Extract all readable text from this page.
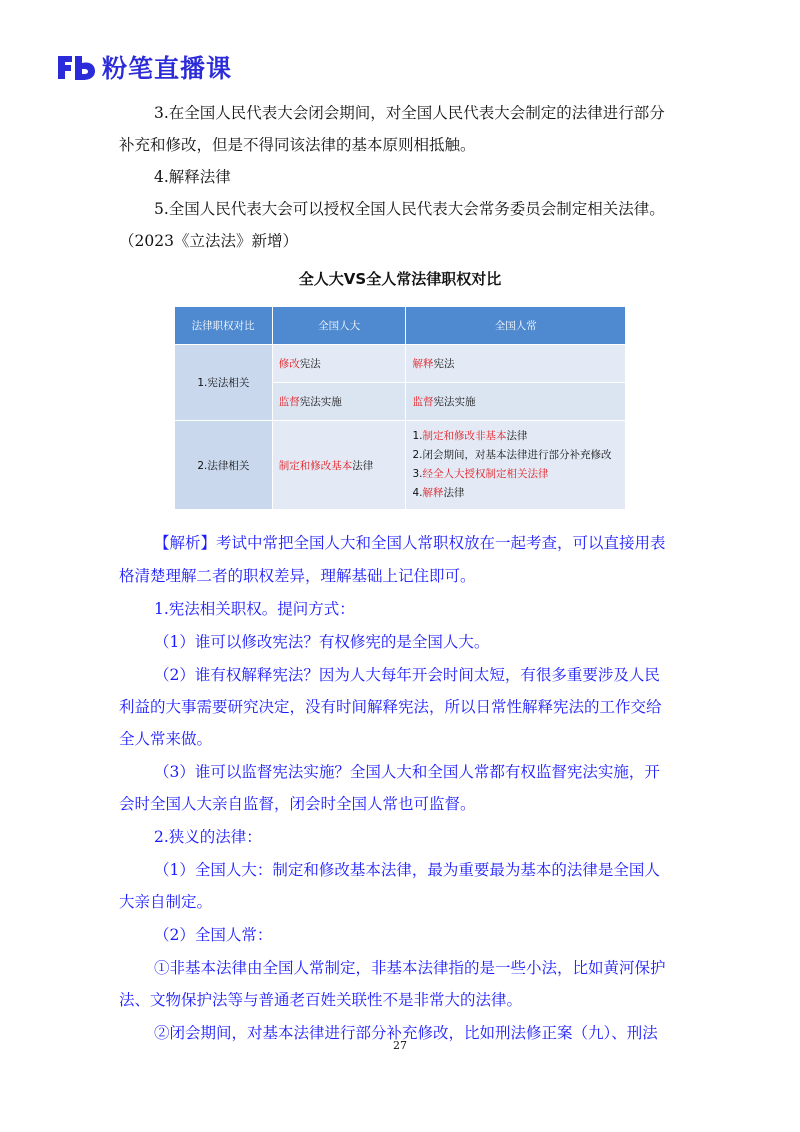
粉笔直播课
3.在全国人民代表大会闭会期间，对全国人民代表大会制定的法律进行部分
补充和修改，但是不得同该法律的基本原则相抵触。
4.解释法律
5.全国人民代表大会可以授权全国人民代表大会常务委员会制定相关法律。
（2023《立法法》新增）
全人大VS全人常法律职权对比
法律职权对比	全国人大	全国人常
1.宪法相关	修改宪法	解释宪法
	监督宪法实施	监督宪法实施
2.法律相关	制定和修改基本法律	1.制定和修改非基本法律
2.闭会期间，对基本法律进行部分补充修改
3.经全人大授权制定相关法律
4.解释法律
【解析】考试中常把全国人大和全国人常职权放在一起考查，可以直接用表
格清楚理解二者的职权差异，理解基础上记住即可。
1.宪法相关职权。提问方式：
（1）谁可以修改宪法？有权修宪的是全国人大。
（2）谁有权解释宪法？因为人大每年开会时间太短，有很多重要涉及人民
利益的大事需要研究决定，没有时间解释宪法，所以日常性解释宪法的工作交给
全人常来做。
（3）谁可以监督宪法实施？全国人大和全国人常都有权监督宪法实施，开
会时全国人大亲自监督，闭会时全国人常也可监督。
2.狭义的法律：
（1）全国人大：制定和修改基本法律，最为重要最为基本的法律是全国人
大亲自制定。
（2）全国人常：
①非基本法律由全国人常制定，非基本法律指的是一些小法，比如黄河保护
法、文物保护法等与普通老百姓关联性不是非常大的法律。
②闭会期间，对基本法律进行部分补充修改，比如刑法修正案（九）、刑法
27
